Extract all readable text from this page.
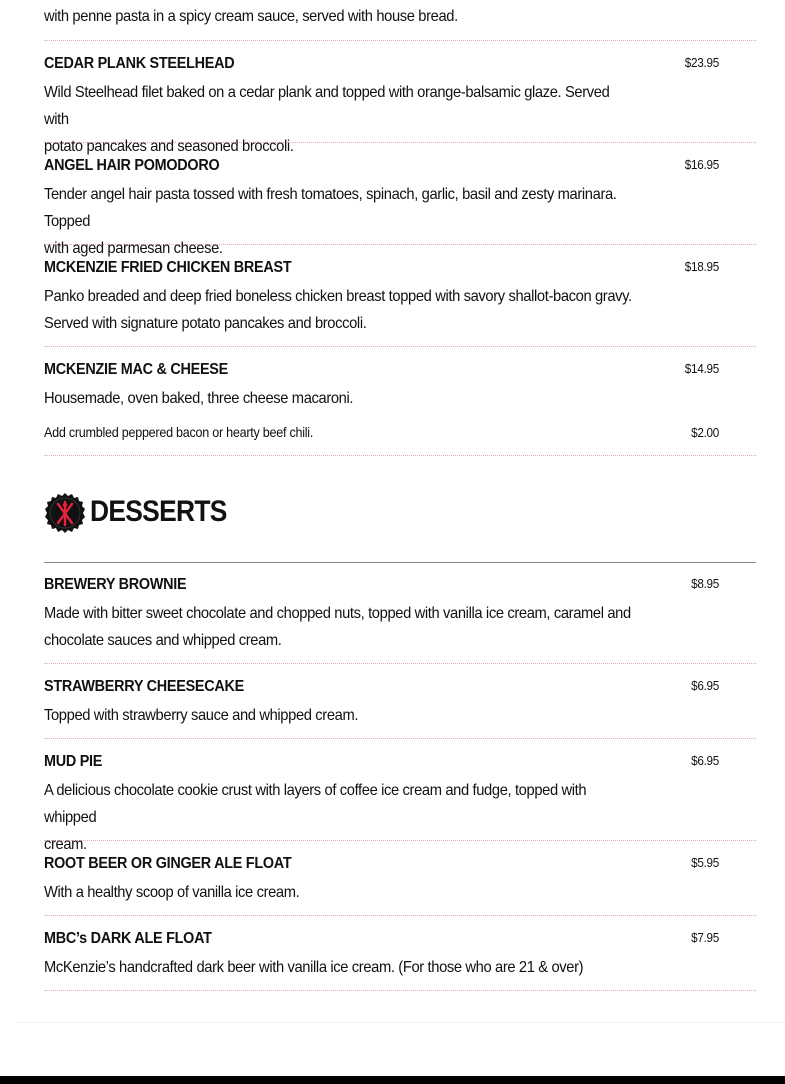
with penne pasta in a spicy cream sauce, served with house bread.
CEDAR PLANK STEELHEAD	$23.95
Wild Steelhead filet baked on a cedar plank and topped with orange-balsamic glaze. Served with
potato pancakes and seasoned broccoli.
ANGEL HAIR POMODORO	$16.95
Tender angel hair pasta tossed with fresh tomatoes, spinach, garlic, basil and zesty marinara. Topped
with aged parmesan cheese.
MCKENZIE FRIED CHICKEN BREAST	$18.95
Panko breaded and deep fried boneless chicken breast topped with savory shallot-bacon gravy.
Served with signature potato pancakes and broccoli.
MCKENZIE MAC & CHEESE	$14.95
Housemade, oven baked, three cheese macaroni.
Add crumbled peppered bacon or hearty beef chili.	$2.00
DESSERTS
BREWERY BROWNIE	$8.95
Made with bitter sweet chocolate and chopped nuts, topped with vanilla ice cream, caramel and
chocolate sauces and whipped cream.
STRAWBERRY CHEESECAKE	$6.95
Topped with strawberry sauce and whipped cream.
MUD PIE	$6.95
A delicious chocolate cookie crust with layers of coffee ice cream and fudge, topped with whipped
cream.
ROOT BEER OR GINGER ALE FLOAT	$5.95
With a healthy scoop of vanilla ice cream.
MBC’s DARK ALE FLOAT	$7.95
McKenzie’s handcrafted dark beer with vanilla ice cream. (For those who are 21 & over)
